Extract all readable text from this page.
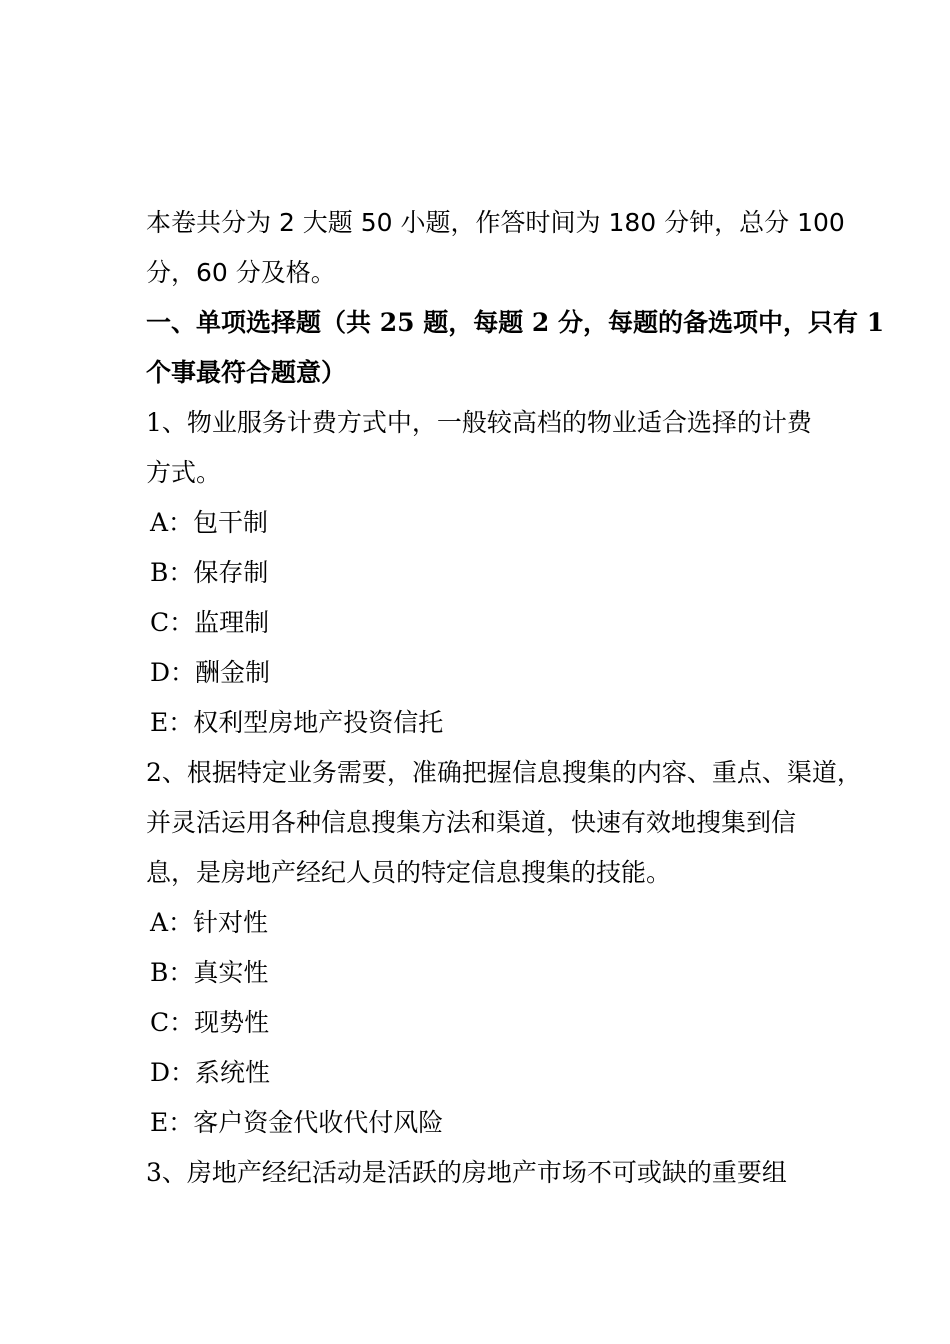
本卷共分为 2 大题 50 小题，作答时间为 180 分钟，总分 100
分，60 分及格。
一、单项选择题（共 25 题，每题 2 分，每题的备选项中，只有 1
个事最符合题意）
1、物业服务计费方式中，一般较高档的物业适合选择的计费
方式。
A：包干制
B：保存制
C：监理制
D：酬金制
E：权利型房地产投资信托
2、根据特定业务需要，准确把握信息搜集的内容、重点、渠道，
并灵活运用各种信息搜集方法和渠道，快速有效地搜集到信
息，是房地产经纪人员的特定信息搜集的技能。
A：针对性
B：真实性
C：现势性
D：系统性
E：客户资金代收代付风险
3、房地产经纪活动是活跃的房地产市场不可或缺的重要组
